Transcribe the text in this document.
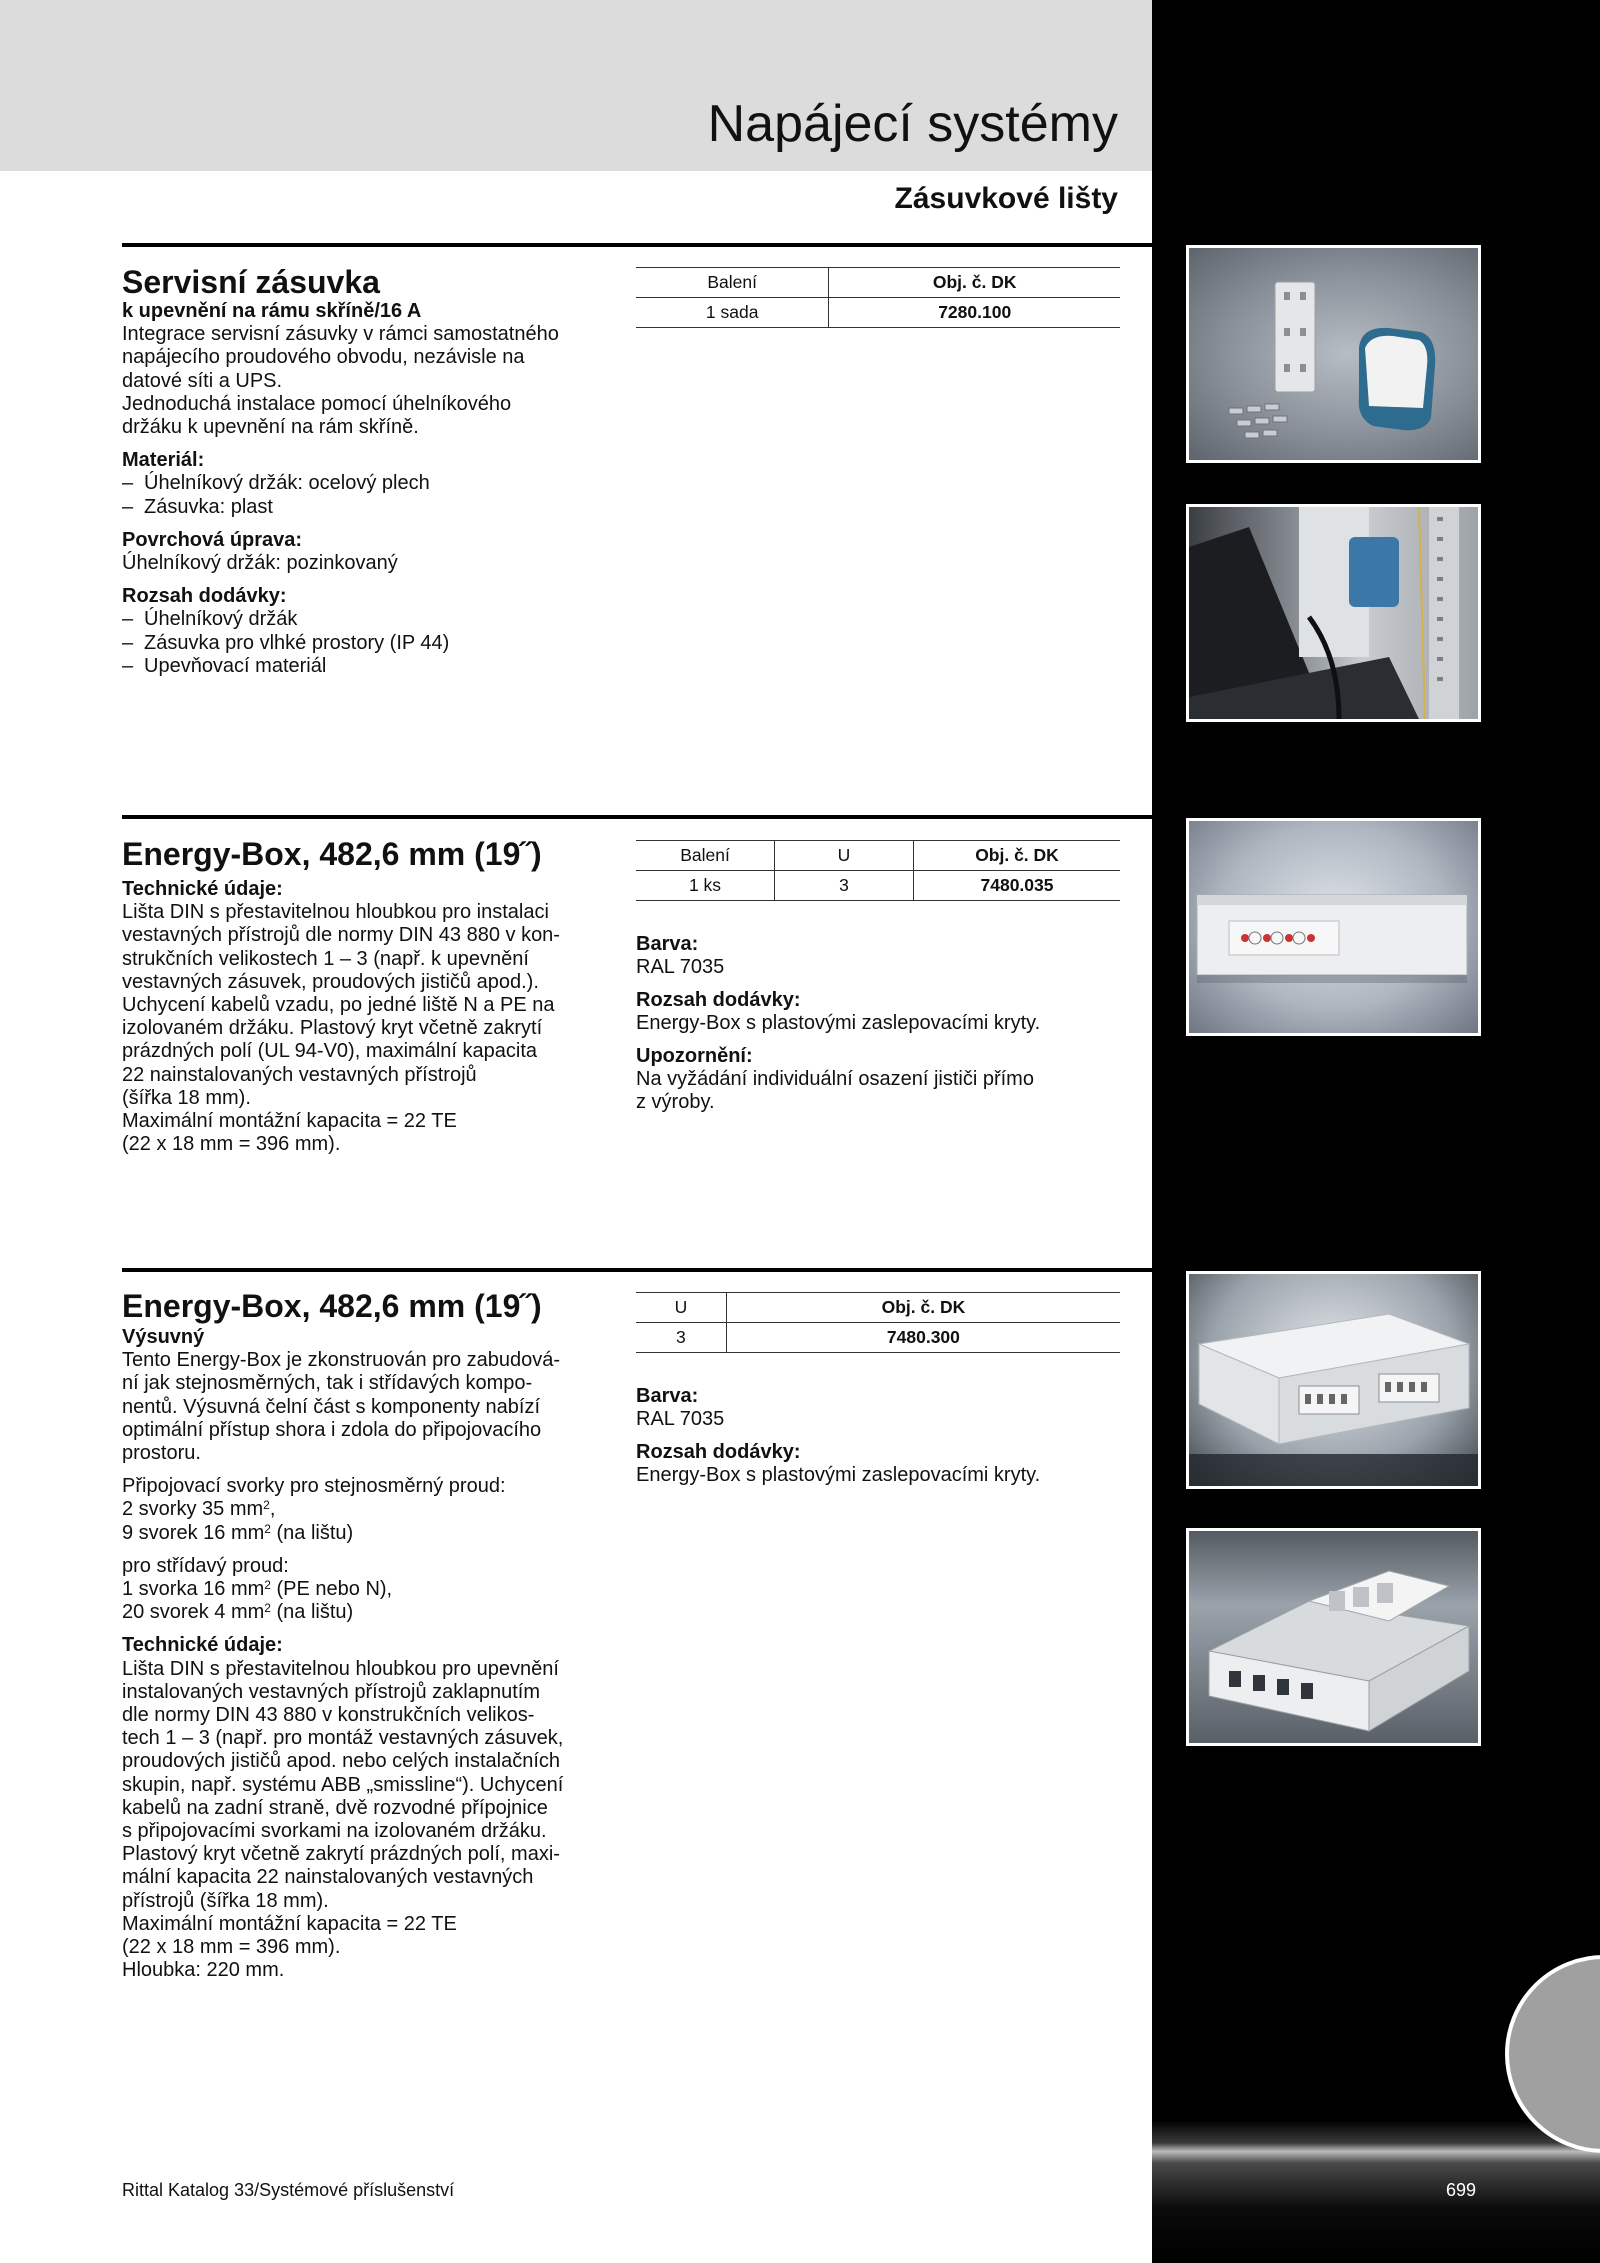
Napájecí systémy
Zásuvkové lišty

Servisní zásuvka

k upevnění na rámu skříně/16 A

Integrace servisní zásuvky v rámci samostatného

napájecího proudového obvodu, nezávisle na

datové síti a UPS.

Jednoduchá instalace pomocí úhelníkového

držáku k upevnění na rám skříně.

Materiál:

– Úhelníkový držák: ocelový plech

– Zásuvka: plast

Povrchová úprava:

Úhelníkový držák: pozinkovaný

Rozsah dodávky:

– Úhelníkový držák

– Zásuvka pro vlhké prostory (IP 44)

– Upevňovací materiál

Balení	Obj. č. DK
1 sada	7280.100

Energy-Box, 482,6 mm (19˝)

Technické údaje:

Lišta DIN s přestavitelnou hloubkou pro instalaci

vestavných přístrojů dle normy DIN 43 880 v kon-

strukčních velikostech 1 – 3 (např. k upevnění

vestavných zásuvek, proudových jističů apod.).

Uchycení kabelů vzadu, po jedné liště N a PE na

izolovaném držáku. Plastový kryt včetně zakrytí

prázdných polí (UL 94-V0), maximální kapacita

22 nainstalovaných vestavných přístrojů

(šířka 18 mm).

Maximální montážní kapacita = 22 TE

(22 x 18 mm = 396 mm).

Balení	U	Obj. č. DK
1 ks	3	7480.035

Barva:

RAL 7035

Rozsah dodávky:

Energy-Box s plastovými zaslepovacími kryty.

Upozornění:

Na vyžádání individuální osazení jističi přímo

z výroby.

Energy-Box, 482,6 mm (19˝)

Výsuvný

Tento Energy-Box je zkonstruován pro zabudová-

ní jak stejnosměrných, tak i střídavých kompo-

nentů. Výsuvná čelní část s komponenty nabízí

optimální přístup shora i zdola do připojovacího

prostoru.

Připojovací svorky pro stejnosměrný proud:

2 svorky 35 $mm^2$,

9 svorek 16 $mm^2$ (na lištu)

pro střídavý proud:

1 svorka 16 $mm^2$ (PE nebo N),

20 svorek 4 $mm^2$ (na lištu)

Technické údaje:

Lišta DIN s přestavitelnou hloubkou pro upevnění

instalovaných vestavných přístrojů zaklapnutím

dle normy DIN 43 880 v konstrukčních velikos-

tech 1 – 3 (např. pro montáž vestavných zásuvek,

proudových jističů apod. nebo celých instalačních

skupin, např. systému ABB „smissline“). Uchycení

kabelů na zadní straně, dvě rozvodné přípojnice

s připojovacími svorkami na izolovaném držáku.

Plastový kryt včetně zakrytí prázdných polí, maxi-

mální kapacita 22 nainstalovaných vestavných

přístrojů (šířka 18 mm).

Maximální montážní kapacita = 22 TE

(22 x 18 mm = 396 mm).

Hloubka: 220 mm.

U	Obj. č. DK
3	7480.300

Barva:

RAL 7035

Rozsah dodávky:

Energy-Box s plastovými zaslepovacími kryty.

Rittal Katalog 33/Systémové příslušenství	699
